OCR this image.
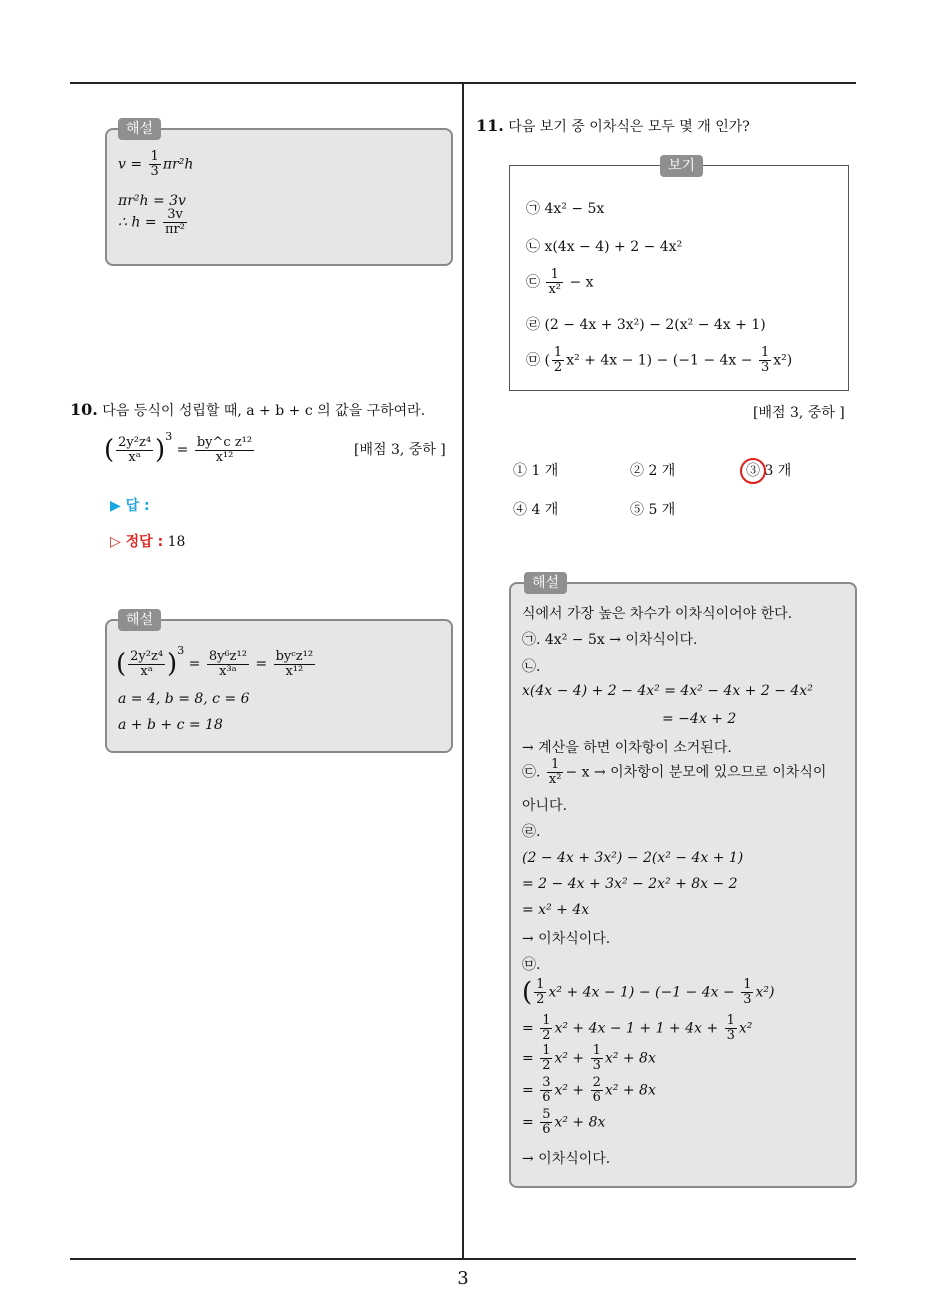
해설
$v = \frac{1}{3} \pi r^2h$
πr²h = 3v
∴ $h = \frac{3v}{\text{πr²}}$
10. 다음 등식이 성립할 때, a + b + c 의 값을 구하여라.
( $\frac{\text{2y²z⁴}}{\text{xᵃ}} )^3 = \frac{\text{by\textasciicircum{}c z¹²}}{\text{x¹²}}$	[배점 3, 중하 ]
▶ 답 :
▷ 정답 : 18
해설
( $\frac{\text{2y²z⁴}}{\text{xᵃ}} )^3 = \frac{\text{8y⁶z¹²}}{\text{x³ᵃ}} = \frac{\text{byᶜz¹²}}{\text{x¹²}}$
a = 4, b = 8, c = 6
a + b + c = 18
11. 다음 보기 중 이차식은 모두 몇 개 인가?
보기
㉠ 4x² − 5x
㉡ x(4x − 4) + 2 − 4x²
㉢ $\frac{1}{\text{x²}} - x$
㉣ (2 − 4x + 3x²) − 2(x² − 4x + 1)
㉤ ( $\frac{1}{2} x^2 + 4x - 1) - (-1 - 4x - \frac{1}{3} x^2)$
[배점 3, 중하 ]
① 1 개	② 2 개	③ 3 개
④ 4 개	⑤ 5 개
해설
식에서 가장 높은 차수가 이차식이어야 한다.
㉠. 4x² − 5x → 이차식이다.
㉡.
x(4x − 4) + 2 − 4x² = 4x² − 4x + 2 − 4x²
= −4x + 2
→ 계산을 하면 이차항이 소거된다.
㉢. $\frac{1}{\text{x²}} - x$ → 이차항이 분모에 있으므로 이차식이
아니다.
㉣.
(2 − 4x + 3x²) − 2(x² − 4x + 1)
= 2 − 4x + 3x² − 2x² + 8x − 2
= x² + 4x
→ 이차식이다.
㉤.
( $\frac{1}{2} x^2 + 4x - 1) - (-1 - 4x - \frac{1}{3} x^2)$
= $\frac{1}{2} x^2 + 4x - 1 + 1 + 4x + \frac{1}{3} x^2$
= $\frac{1}{2} x^2 + \frac{1}{3} x^2 + 8x$
= $\frac{3}{6} x^2 + \frac{2}{6} x^2 + 8x$
= $\frac{5}{6} x^2 + 8x$
→ 이차식이다.
3
